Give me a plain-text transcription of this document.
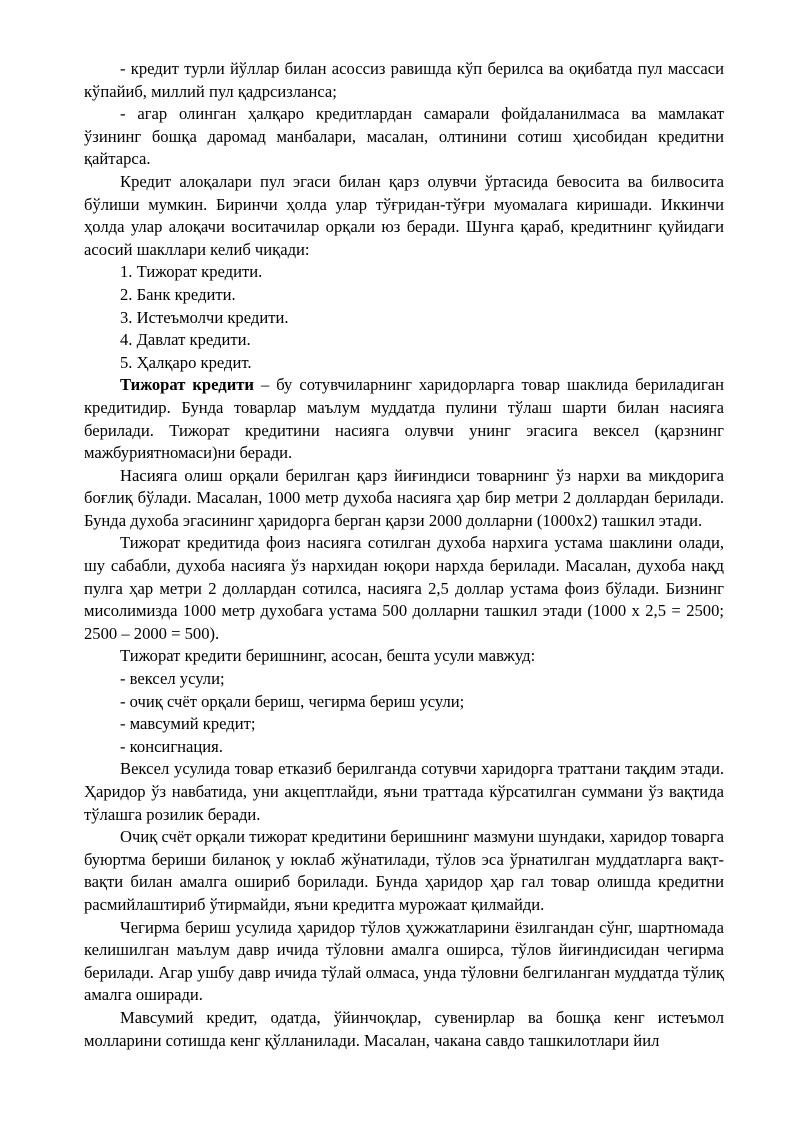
- кредит турли йўллар билан асоссиз равишда кўп берилса ва оқибатда пул массаси кўпайиб, миллий пул қадрсизланса;

- агар олинган ҳалқаро кредитлардан самарали фойдаланилмаса ва мамлакат ўзининг бошқа даромад манбалари, масалан, олтинини сотиш ҳисобидан кредитни қайтарса.

Кредит алоқалари пул эгаси билан қарз олувчи ўртасида бевосита ва билвосита бўлиши мумкин. Биринчи ҳолда улар тўғридан-тўғри муомалага киришади. Иккинчи ҳолда улар алоқачи воситачилар орқали юз беради. Шунга қараб, кредитнинг қуйидаги асосий шакллари келиб чиқади:

1. Тижорат кредити.

2. Банк кредити.

3. Истеъмолчи кредити.

4. Давлат кредити.

5. Ҳалқаро кредит.

Тижорат кредити – бу сотувчиларнинг харидорларга товар шаклида бериладиган кредитидир. Бунда товарлар маълум муддатда пулини тўлаш шарти билан насияга берилади. Тижорат кредитини насияга олувчи унинг эгасига вексел (қарзнинг мажбуриятномаси)ни беради.

Насияга олиш орқали берилган қарз йиғиндиси товарнинг ўз нархи ва микдорига боғлиқ бўлади. Масалан, 1000 метр духоба насияга ҳар бир метри 2 доллардан берилади. Бунда духоба эгасининг ҳаридорга берган қарзи 2000 долларни (1000х2) ташкил этади.

Тижорат кредитида фоиз насияга сотилган духоба нархига устама шаклини олади, шу сабабли, духоба насияга ўз нархидан юқори нархда берилади. Масалан, духоба нақд пулга ҳар метри 2 доллардан сотилса, насияга 2,5 доллар устама фоиз бўлади. Бизнинг мисолимизда 1000 метр духобага устама 500 долларни ташкил этади (1000 х 2,5 = 2500; 2500 – 2000 = 500).

Тижорат кредити беришнинг, асосан, бешта усули мавжуд:

- вексел усули;

- очиқ счёт орқали бериш, чегирма бериш усули;

- мавсумий кредит;

- консигнация.

Вексел усулида товар етказиб берилганда сотувчи харидорга траттани тақдим этади. Ҳаридор ўз навбатида, уни акцептлайди, яъни траттада кўрсатилган суммани ўз вақтида тўлашга розилик беради.

Очиқ счёт орқали тижорат кредитини беришнинг мазмуни шундаки, харидор товарга буюртма бериши биланоқ у юклаб жўнатилади, тўлов эса ўрнатилган муддатларга вақт-вақти билан амалга ошириб борилади. Бунда ҳаридор ҳар гал товар олишда кредитни расмийлаштириб ўтирмайди, яъни кредитга мурожаат қилмайди.

Чегирма бериш усулида ҳаридор тўлов ҳужжатларини ёзилгандан сўнг, шартномада келишилган маълум давр ичида тўловни амалга оширса, тўлов йиғиндисидан чегирма берилади. Агар ушбу давр ичида тўлай олмаса, унда тўловни белгиланган муддатда тўлиқ амалга оширади.

Мавсумий кредит, одатда, ўйинчоқлар, сувенирлар ва бошқа кенг истеъмол молларини сотишда кенг қўлланилади. Масалан, чакана савдо ташкилотлари йил
